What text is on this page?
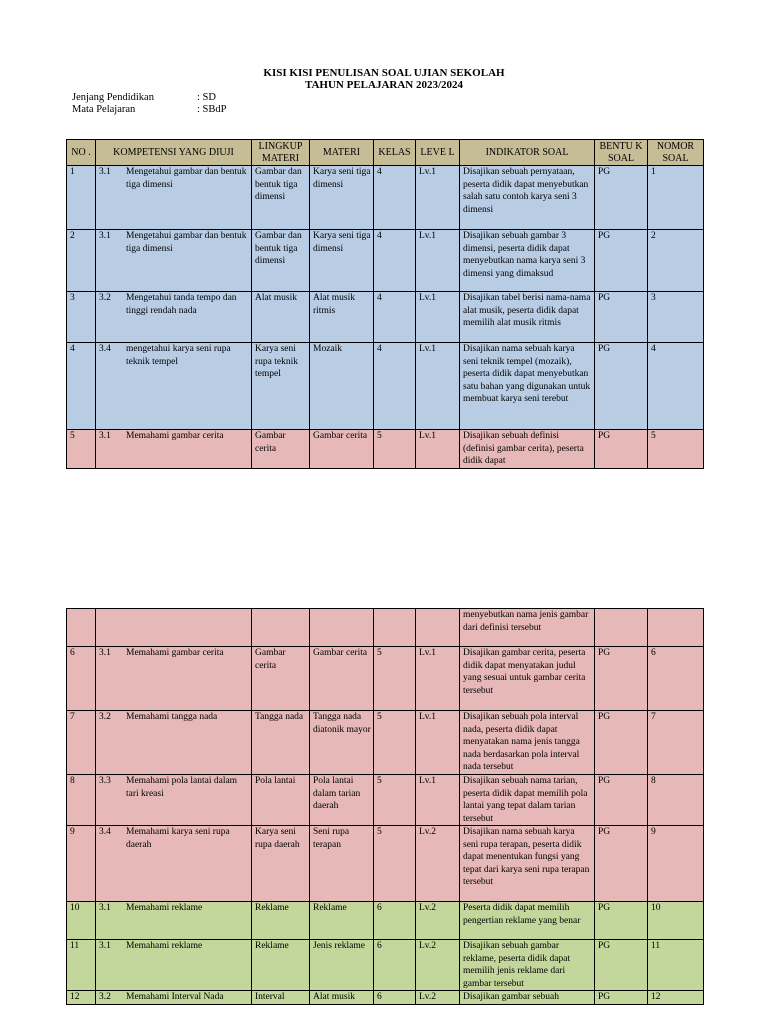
KISI KISI PENULISAN SOAL UJIAN SEKOLAH
TAHUN PELAJARAN 2023/2024
Jenjang Pendidikan	: SD
Mata Pelajaran	: SBdP
NO .	KOMPETENSI YANG DIUJI	LINGKUP MATERI	MATERI	KELAS	LEVE L	INDIKATOR SOAL	BENTU K SOAL	NOMOR SOAL
1	3.1 Mengetahui gambar dan bentuk tiga dimensi	Gambar dan bentuk tiga dimensi	Karya seni tiga dimensi	4	Lv.1	Disajikan sebuah pernyataan, peserta didik dapat menyebutkan salah satu contoh karya seni 3 dimensi	PG	1
2	3.1 Mengetahui gambar dan bentuk tiga dimensi	Gambar dan bentuk tiga dimensi	Karya seni tiga dimensi	4	Lv.1	Disajikan sebuah gambar 3 dimensi, peserta didik dapat menyebutkan nama karya seni 3 dimensi yang dimaksud	PG	2
3	3.2 Mengetahui tanda tempo dan tinggi rendah nada	Alat musik	Alat musik ritmis	4	Lv.1	Disajikan tabel berisi nama-nama alat musik, peserta didik dapat memilih alat musik ritmis	PG	3
4	3.4 mengetahui karya seni rupa teknik tempel	Karya seni rupa teknik tempel	Mozaik	4	Lv.1	Disajikan nama sebuah karya seni teknik tempel (mozaik), peserta didik dapat menyebutkan satu bahan yang digunakan untuk membuat karya seni terebut	PG	4
5	3.1 Memahami gambar cerita	Gambar cerita	Gambar cerita	5	Lv.1	Disajikan sebuah definisi (definisi gambar cerita), peserta didik dapat	PG	5

					menyebutkan nama jenis gambar dari definisi tersebut		
6	3.1 Memahami gambar cerita	Gambar cerita	Gambar cerita	5	Lv.1	Disajikan gambar cerita, peserta didik dapat menyatakan judul yang sesuai untuk gambar cerita tersebut	PG	6
7	3.2 Memahami tangga nada	Tangga nada	Tangga nada diatonik mayor	5	Lv.1	Disajikan sebuah pola interval nada, peserta didik dapat menyatakan nama jenis tangga nada berdasarkan pola interval nada tersebut	PG	7
8	3.3 Memahami pola lantai dalam tari kreasi	Pola lantai	Pola lantai dalam tarian daerah	5	Lv.1	Disajikan sebuah nama tarian, peserta didik dapat memilih pola lantai yang tepat dalam tarian tersebut	PG	8
9	3.4 Memahami karya seni rupa daerah	Karya seni rupa daerah	Seni rupa terapan	5	Lv.2	Disajikan nama sebuah karya seni rupa terapan, peserta didik dapat menentukan fungsi yang tepat dari karya seni rupa terapan tersebut	PG	9
10	3.1 Memahami reklame	Reklame	Reklame	6	Lv.2	Peserta didik dapat memilih pengertian reklame yang benar	PG	10
11	3.1 Memahami reklame	Reklame	Jenis reklame	6	Lv.2	Disajikan sebuah gambar reklame, peserta didik dapat memilih jenis reklame dari gambar tersebut	PG	11
12	3.2 Memahami Interval Nada	Interval	Alat musik	6	Lv.2	Disajikan gambar sebuah	PG	12
